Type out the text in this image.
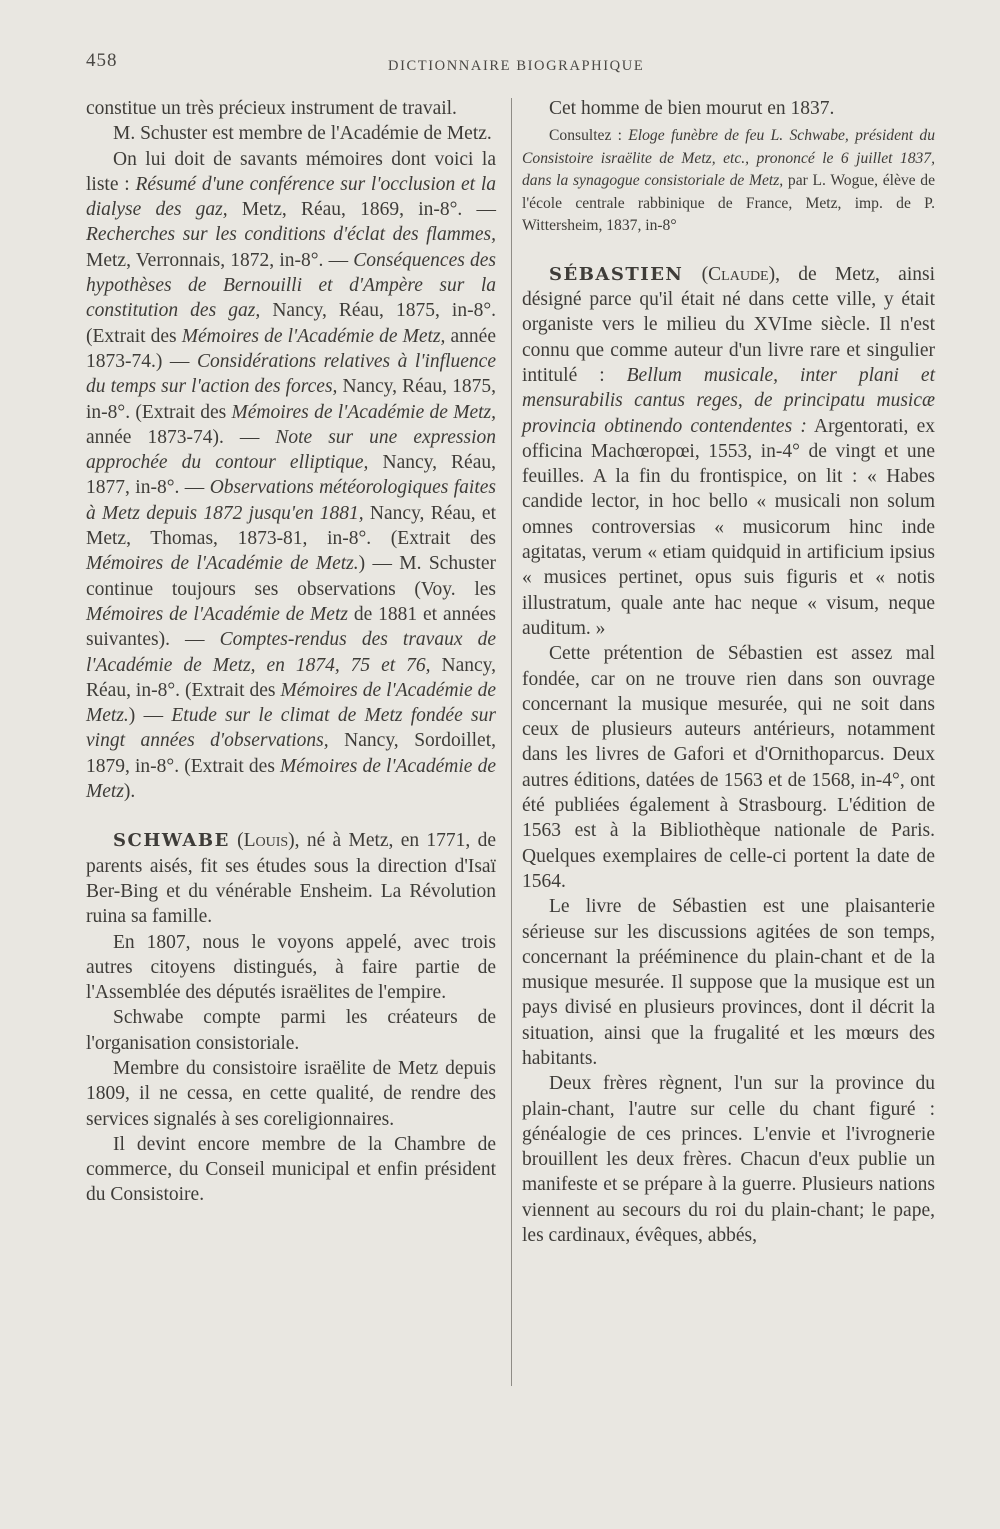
458	DICTIONNAIRE BIOGRAPHIQUE

constitue un très précieux instrument de travail.

M. Schuster est membre de l'Académie de Metz.

On lui doit de savants mémoires dont voici la liste : Résumé d'une conférence sur l'occlusion et la dialyse des gaz, Metz, Réau, 1869, in-8°. — Recherches sur les conditions d'éclat des flammes, Metz, Verronnais, 1872, in-8°. — Conséquences des hypothèses de Bernouilli et d'Ampère sur la constitution des gaz, Nancy, Réau, 1875, in-8°. (Extrait des Mémoires de l'Académie de Metz, année 1873-74.) — Considérations relatives à l'influence du temps sur l'action des forces, Nancy, Réau, 1875, in-8°. (Extrait des Mémoires de l'Académie de Metz, année 1873-74). — Note sur une expression approchée du contour elliptique, Nancy, Réau, 1877, in-8°. — Observations météorologiques faites à Metz depuis 1872 jusqu'en 1881, Nancy, Réau, et Metz, Thomas, 1873-81, in-8°. (Extrait des Mémoires de l'Académie de Metz.) — M. Schuster continue toujours ses observations (Voy. les Mémoires de l'Académie de Metz de 1881 et années suivantes). — Comptes-rendus des travaux de l'Académie de Metz, en 1874, 75 et 76, Nancy, Réau, in-8°. (Extrait des Mémoires de l'Académie de Metz.) — Etude sur le climat de Metz fondée sur vingt années d'observations, Nancy, Sordoillet, 1879, in-8°. (Extrait des Mémoires de l'Académie de Metz).

SCHWABE (Louis), né à Metz, en 1771, de parents aisés, fit ses études sous la direction d'Isaï Ber-Bing et du vénérable Ensheim. La Révolution ruina sa famille.

En 1807, nous le voyons appelé, avec trois autres citoyens distingués, à faire partie de l'Assemblée des députés israëlites de l'empire.

Schwabe compte parmi les créateurs de l'organisation consistoriale.

Membre du consistoire israëlite de Metz depuis 1809, il ne cessa, en cette qualité, de rendre des services signalés à ses coreligionnaires.

Il devint encore membre de la Chambre de commerce, du Conseil municipal et enfin président du Consistoire.

Cet homme de bien mourut en 1837.

Consultez : Eloge funèbre de feu L. Schwabe, président du Consistoire israëlite de Metz, etc., prononcé le 6 juillet 1837, dans la synagogue consistoriale de Metz, par L. Wogue, élève de l'école centrale rabbinique de France, Metz, imp. de P. Wittersheim, 1837, in-8°

SÉBASTIEN (Claude), de Metz, ainsi désigné parce qu'il était né dans cette ville, y était organiste vers le milieu du XVIme siècle. Il n'est connu que comme auteur d'un livre rare et singulier intitulé : Bellum musicale, inter plani et mensurabilis cantus reges, de principatu musicæ provincia obtinendo contendentes : Argentorati, ex officina Machœropœi, 1553, in-4° de vingt et une feuilles. A la fin du frontispice, on lit : « Habes candide lector, in hoc bello « musicali non solum omnes controversias « musicorum hinc inde agitatas, verum « etiam quidquid in artificium ipsius « musices pertinet, opus suis figuris et « notis illustratum, quale ante hac neque « visum, neque auditum. »

Cette prétention de Sébastien est assez mal fondée, car on ne trouve rien dans son ouvrage concernant la musique mesurée, qui ne soit dans ceux de plusieurs auteurs antérieurs, notamment dans les livres de Gafori et d'Ornithoparcus. Deux autres éditions, datées de 1563 et de 1568, in-4°, ont été publiées également à Strasbourg. L'édition de 1563 est à la Bibliothèque nationale de Paris. Quelques exemplaires de celle-ci portent la date de 1564.

Le livre de Sébastien est une plaisanterie sérieuse sur les discussions agitées de son temps, concernant la prééminence du plain-chant et de la musique mesurée. Il suppose que la musique est un pays divisé en plusieurs provinces, dont il décrit la situation, ainsi que la frugalité et les mœurs des habitants.

Deux frères règnent, l'un sur la province du plain-chant, l'autre sur celle du chant figuré : généalogie de ces princes. L'envie et l'ivrognerie brouillent les deux frères. Chacun d'eux publie un manifeste et se prépare à la guerre. Plusieurs nations viennent au secours du roi du plain-chant; le pape, les cardinaux, évêques, abbés,
